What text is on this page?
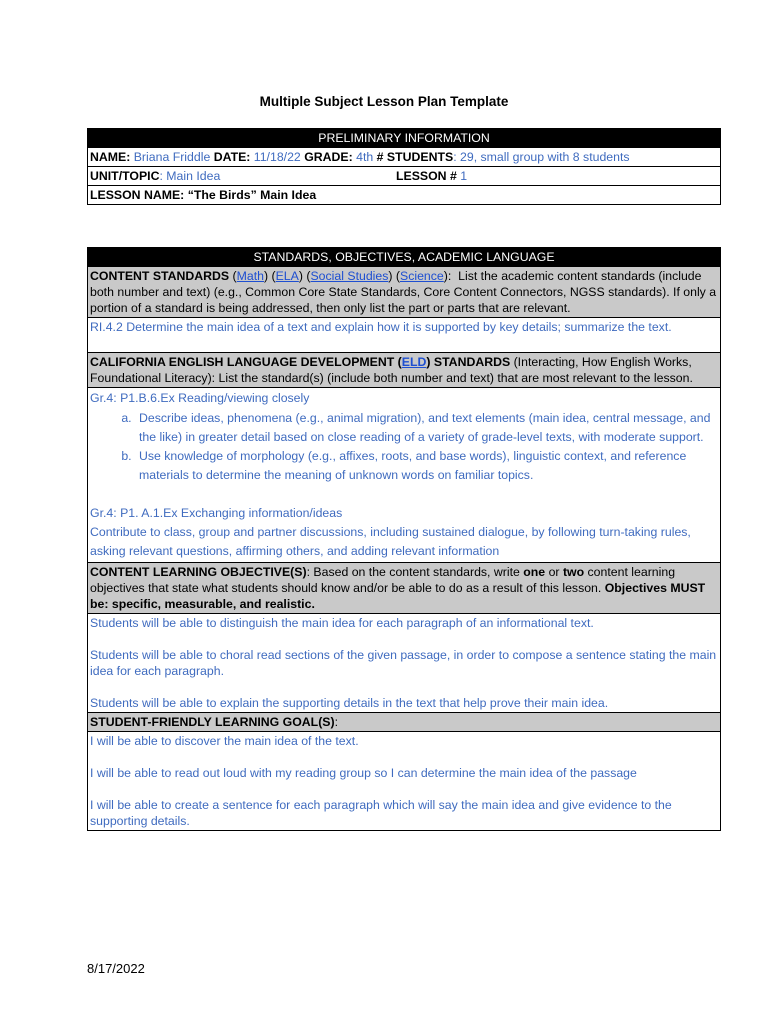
Multiple Subject Lesson Plan Template
PRELIMINARY INFORMATION
NAME: Briana Friddle DATE: 11/18/22 GRADE: 4th # STUDENTS: 29, small group with 8 students
UNIT/TOPIC: Main Idea	LESSON # 1
LESSON NAME: “The Birds” Main Idea
STANDARDS, OBJECTIVES, ACADEMIC LANGUAGE
CONTENT STANDARDS (Math) (ELA) (Social Studies) (Science):  List the academic content standards (include both number and text) (e.g., Common Core State Standards, Core Content Connectors, NGSS standards). If only a portion of a standard is being addressed, then only list the part or parts that are relevant.

RI.4.2 Determine the main idea of a text and explain how it is supported by key details; summarize the text.

CALIFORNIA ENGLISH LANGUAGE DEVELOPMENT (ELD) STANDARDS (Interacting, How English Works, Foundational Literacy): List the standard(s) (include both number and text) that are most relevant to the lesson.

Gr.4: P1.B.6.Ex Reading/viewing closely
a. Describe ideas, phenomena (e.g., animal migration), and text elements (main idea, central message, and the like) in greater detail based on close reading of a variety of grade-level texts, with moderate support.
b. Use knowledge of morphology (e.g., affixes, roots, and base words), linguistic context, and reference materials to determine the meaning of unknown words on familiar topics.
Gr.4: P1. A.1.Ex Exchanging information/ideas
Contribute to class, group and partner discussions, including sustained dialogue, by following turn-taking rules, asking relevant questions, affirming others, and adding relevant information

CONTENT LEARNING OBJECTIVE(S): Based on the content standards, write one or two content learning objectives that state what students should know and/or be able to do as a result of this lesson. Objectives MUST be: specific, measurable, and realistic.

Students will be able to distinguish the main idea for each paragraph of an informational text.
Students will be able to choral read sections of the given passage, in order to compose a sentence stating the main idea for each paragraph.
Students will be able to explain the supporting details in the text that help prove their main idea.

STUDENT-FRIENDLY LEARNING GOAL(S):

I will be able to discover the main idea of the text.
I will be able to read out loud with my reading group so I can determine the main idea of the passage
I will be able to create a sentence for each paragraph which will say the main idea and give evidence to the supporting details.
8/17/2022
